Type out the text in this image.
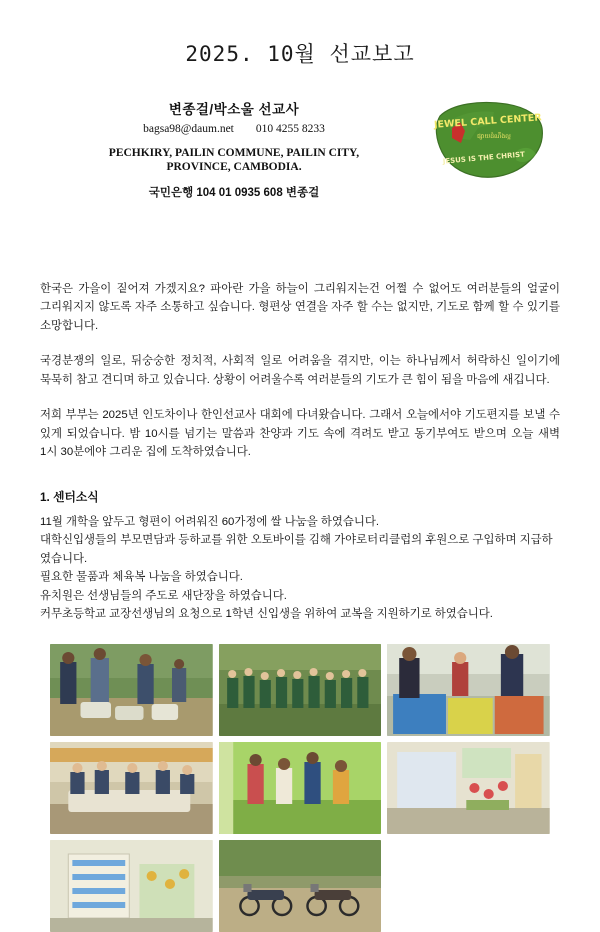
2025. 10월 선교보고
변종걸/박소울 선교사
bagsa98@daum.net 010 4255 8233
PECHKIRY, PAILIN COMMUNE, PAILIN CITY,
PROVINCE, CAMBODIA.
국민은행 104 01 0935 608 변종걸
JEWEL CALL CENTER
ផ្សាយដំណឹងល្អ
JESUS IS THE CHRIST

한국은 가을이 짙어져 가겠지요? 파아란 가을 하늘이 그리워지는건 어쩔 수 없어도 여러분들의 얼굴이 그리워지지 않도록 자주 소통하고 싶습니다. 형편상 연결을 자주 할 수는 없지만, 기도로 함께 할 수 있기를 소망합니다.

국경분쟁의 일로, 뒤숭숭한 정치적, 사회적 일로 어려움을 겪지만, 이는 하나님께서 허락하신 일이기에 묵묵히 참고 견디며 하고 있습니다. 상황이 어려울수록 여러분들의 기도가 큰 힘이 됨을 마음에 새깁니다.

저희 부부는 2025년 인도차이나 한인선교사 대회에 다녀왔습니다. 그래서 오늘에서야 기도편지를 보낼 수 있게 되었습니다. 밤 10시를 넘기는 말씀과 찬양과 기도 속에 격려도 받고 동기부여도 받으며 오늘 새벽 1시 30분에야 그리운 집에 도착하였습니다.

1. 센터소식
11월 개학을 앞두고 형편이 어려워진 60가정에 쌀 나눔을 하였습니다.
대학신입생들의 부모면담과 등하교를 위한 오토바이를 김해 가야로터리클럽의 후원으로 구입하며 지급하였습니다.
필요한 물품과 체육복 나눔을 하였습니다.
유치원은 선생님들의 주도로 새단장을 하였습니다.
커무초등학교 교장선생님의 요청으로 1학년 신입생을 위하여 교복을 지원하기로 하였습니다.
